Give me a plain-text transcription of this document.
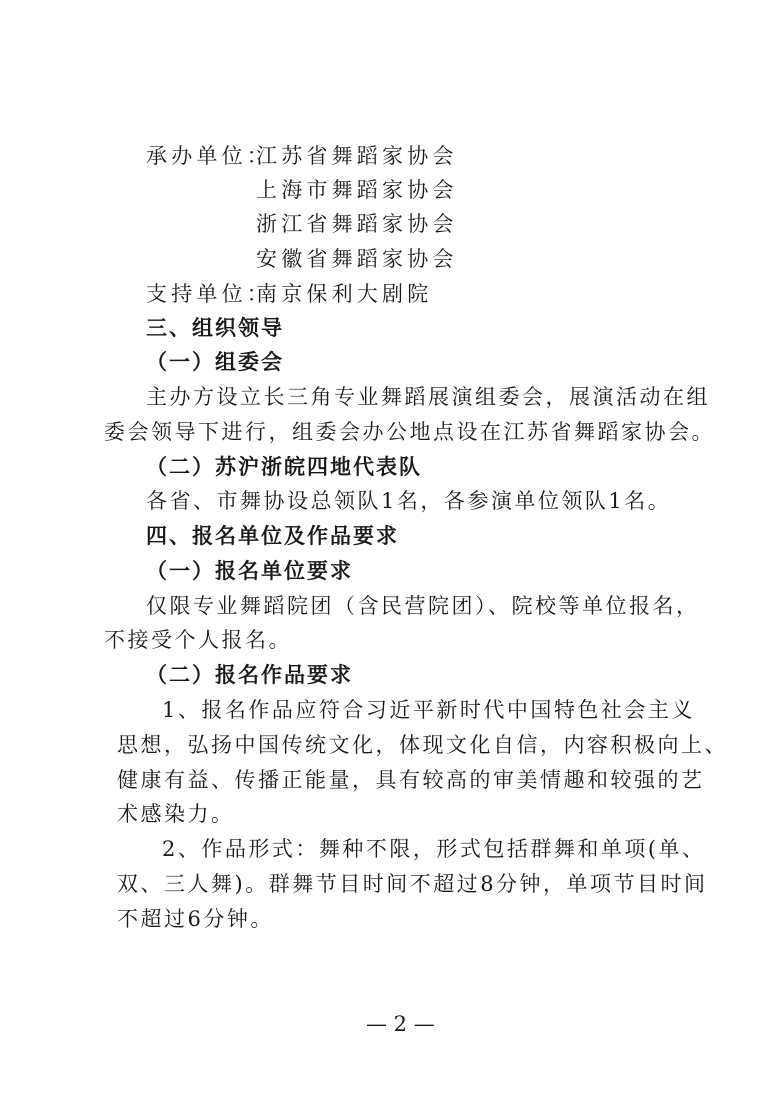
承办单位：
江苏省舞蹈家协会
上海市舞蹈家协会
浙江省舞蹈家协会
安徽省舞蹈家协会
支持单位：
南京保利大剧院
三、组织领导
（一）组委会
主办方设立长三角专业舞蹈展演组委会，展演活动在组
委会领导下进行，组委会办公地点设在江苏省舞蹈家协会。
（二）苏沪浙皖四地代表队
各省、市舞协设总领队1名，各参演单位领队1名。
四、报名单位及作品要求
（一）报名单位要求
仅限专业舞蹈院团（含民营院团）、院校等单位报名，
不接受个人报名。
（二）报名作品要求
1、报名作品应符合习近平新时代中国特色社会主义
思想，弘扬中国传统文化，体现文化自信，内容积极向上、
健康有益、传播正能量，具有较高的审美情趣和较强的艺
术感染力。
2、作品形式：舞种不限，形式包括群舞和单项(单、
双、三人舞)。群舞节目时间不超过8分钟，单项节目时间
不超过6分钟。
— 2 —
